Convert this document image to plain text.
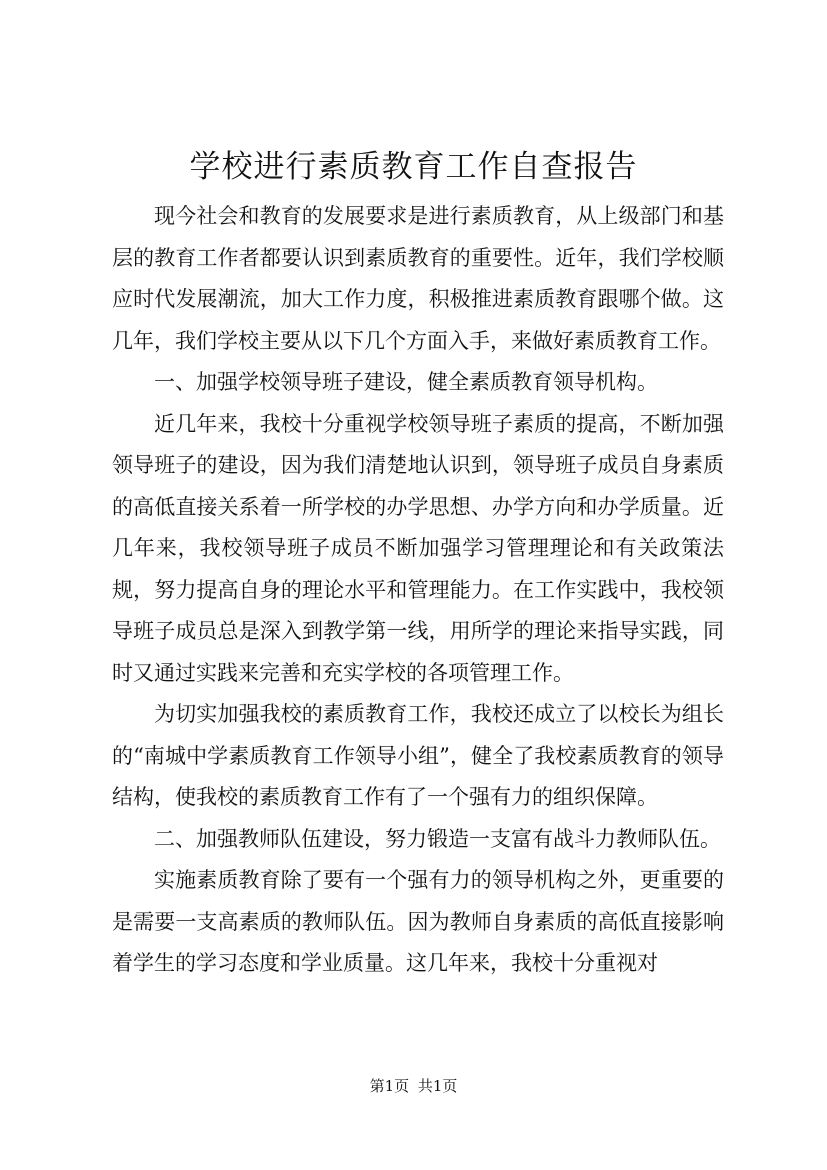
学校进行素质教育工作自查报告

现今社会和教育的发展要求是进行素质教育，从上级部门和基层的教育工作者都要认识到素质教育的重要性。近年，我们学校顺应时代发展潮流，加大工作力度，积极推进素质教育跟哪个做。这几年，我们学校主要从以下几个方面入手，来做好素质教育工作。

一、加强学校领导班子建设，健全素质教育领导机构。

近几年来，我校十分重视学校领导班子素质的提高，不断加强领导班子的建设，因为我们清楚地认识到，领导班子成员自身素质的高低直接关系着一所学校的办学思想、办学方向和办学质量。近几年来，我校领导班子成员不断加强学习管理理论和有关政策法规，努力提高自身的理论水平和管理能力。在工作实践中，我校领导班子成员总是深入到教学第一线，用所学的理论来指导实践，同时又通过实践来完善和充实学校的各项管理工作。

为切实加强我校的素质教育工作，我校还成立了以校长为组长的“南城中学素质教育工作领导小组”，健全了我校素质教育的领导结构，使我校的素质教育工作有了一个强有力的组织保障。

二、加强教师队伍建设，努力锻造一支富有战斗力教师队伍。

实施素质教育除了要有一个强有力的领导机构之外，更重要的是需要一支高素质的教师队伍。因为教师自身素质的高低直接影响着学生的学习态度和学业质量。这几年来，我校十分重视对

第1页 共1页
